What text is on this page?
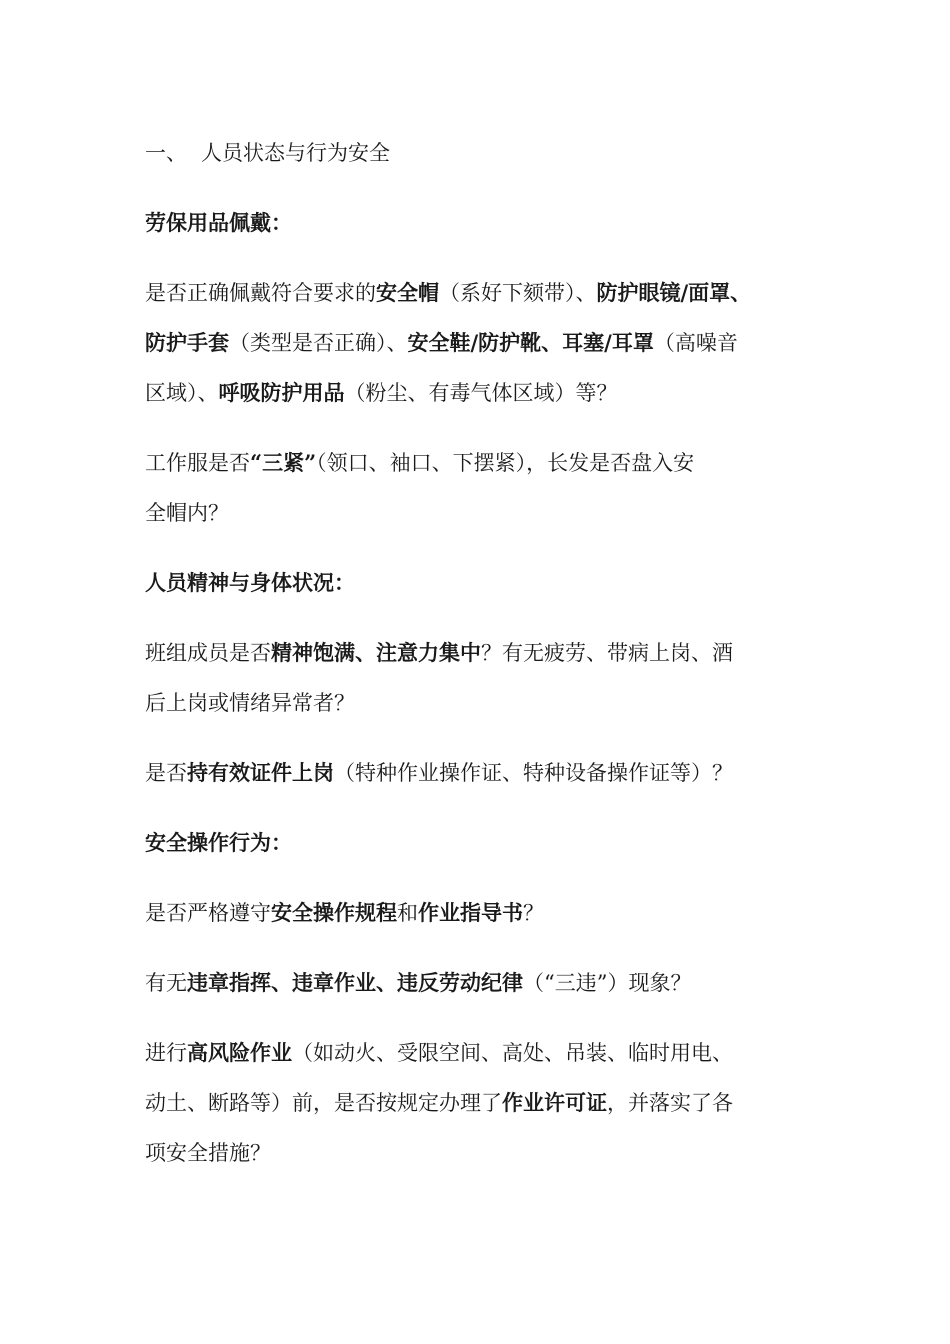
一、 人员状态与行为安全
劳保用品佩戴：
是否正确佩戴符合要求的安全帽（系好下颏带）、防护眼镜/面罩、
防护手套（类型是否正确）、安全鞋/防护靴、耳塞/耳罩（高噪音
区域）、呼吸防护用品（粉尘、有毒气体区域）等？
工作服是否“三紧”（领口、袖口、下摆紧），长发是否盘入安
全帽内？
人员精神与身体状况：
班组成员是否精神饱满、注意力集中？有无疲劳、带病上岗、酒
后上岗或情绪异常者？
是否持有效证件上岗（特种作业操作证、特种设备操作证等）？
安全操作行为：
是否严格遵守安全操作规程和作业指导书？
有无违章指挥、违章作业、违反劳动纪律（“三违”）现象？
进行高风险作业（如动火、受限空间、高处、吊装、临时用电、
动土、断路等）前，是否按规定办理了作业许可证，并落实了各
项安全措施？
